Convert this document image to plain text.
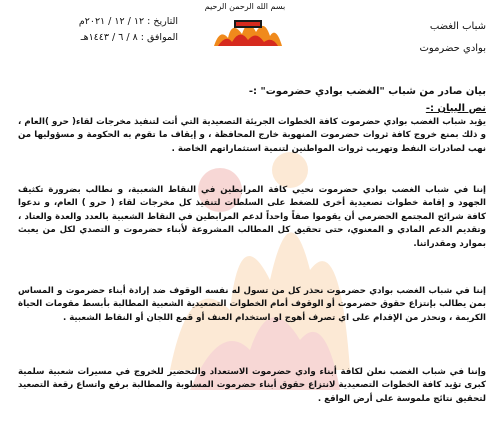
بسم الله الرحمن الرحيم
شباب الغضب
بوادي حضرموت
التاريخ : ١٢ / ١٢ / ٢٠٢١م
الموافق : ٨ / ٦ / ١٤٤٣هـ
بيان صادر من شباب "الغضب بوادي حضرموت" :-
نص البيان :-
يؤيد شباب الغضب بوادي حضرموت كافة الخطوات الجريئة التصعيدية التي أتت لتنفيذ مخرجات لقاء( حرو )العام ، و ذلك بمنع خروج كافة ثروات حضرموت المنهوبة خارج المحافظة ، و إيقاف ما تقوم به الحكومة و مسؤوليها من نهب لصادرات النفط وتهريب ثروات المواطنين لتنمية استثماراتهم الخاصة .
إننا في شباب الغضب بوادي حضرموت نحيي كافة المرابطين في النقاط الشعبية، و نطالب بضرورة تكثيف الجهود و إقامة خطوات تصعيدية أخرى للضغط على السلطات لتنفيذ كل مخرجات لقاء ( حرو ) العام، و ندعوا كافة شرائح المجتمع الحضرمي أن يقوموا صفاً واحداً لدعم المرابطين في النقاط الشعبية بالعدد والعدة والعتاد ، وتقديم الدعم المادي و المعنوي، حتى تحقيق كل المطالب المشروعة لأبناء حضرموت و التصدي لكل من يعبث بموارد ومقدراتنا.
إننا في شباب الغضب بوادي حضرموت نحذر كل من تسول له نفسه الوقوف ضد إرادة أبناء حضرموت و المساس بمن يطالب بإنتزاع حقوق حضرموت أو الوقوف أمام الخطوات التصعيدية الشعبية المطالبة بأبسط مقومات الحياة الكريمة ، ونحذر من الإقدام على اي تصرف أهوج او استخدام العنف أو قمع اللجان أو النقاط الشعبية .
وإننا في شباب الغضب نعلن لكافة أبناء وادي حضرموت الاستعداد والتحضير للخروج في مسيرات شعبية سلمية كبرى تؤيد كافة الخطوات التصعيدية لانتزاع حقوق أبناء حضرموت المسلوبة والمطالبة برفع واتساع رقعة التصعيد لتحقيق نتائج ملموسة على أرض الواقع .
